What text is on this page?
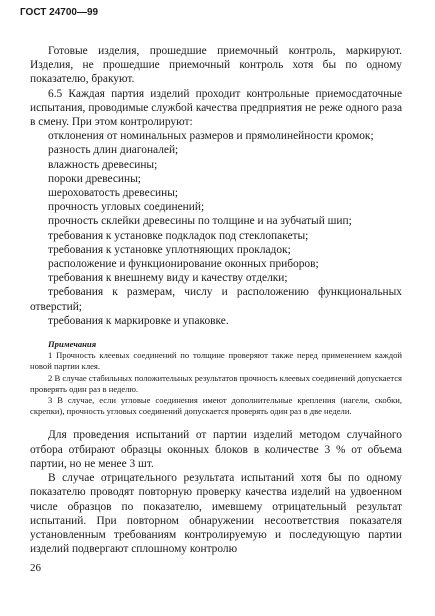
ГОСТ 24700—99

Готовые изделия, прошедшие приемочный контроль, маркируют. Изделия, не прошедшие приемочный контроль хотя бы по одному показателю, бракуют.

6.5 Каждая партия изделий проходит контрольные приемосдаточные испытания, проводимые службой качества предприятия не реже одного раза в смену. При этом контролируют:

отклонения от номинальных размеров и прямолинейности кромок;

разность длин диагоналей;

влажность древесины;

пороки древесины;

шероховатость древесины;

прочность угловых соединений;

прочность склейки древесины по толщине и на зубчатый шип;

требования к установке подкладок под стеклопакеты;

требования к установке уплотняющих прокладок;

расположение и функционирование оконных приборов;

требования к внешнему виду и качеству отделки;

требования к размерам, числу и расположению функциональных отверстий;

требования к маркировке и упаковке.

Примечания

1 Прочность клеевых соединений по толщине проверяют также перед применением каждой новой партии клея.

2 В случае стабильных положительных результатов прочность клеевых соединений допускается проверять один раз в неделю.

3 В случае, если угловые соединения имеют дополнительные крепления (нагели, скобки, скрепки), прочность угловых соединений допускается проверять один раз в две недели.

Для проведения испытаний от партии изделий методом случайного отбора отбирают образцы оконных блоков в количестве 3 % от объема партии, но не менее 3 шт.

В случае отрицательного результата испытаний хотя бы по одному показателю проводят повторную проверку качества изделий на удвоенном числе образцов по показателю, имевшему отрицательный результат испытаний. При повторном обнаружении несоответствия показателя установленным требованиям контролируемую и последующую партии изделий подвергают сплошному контролю

26
